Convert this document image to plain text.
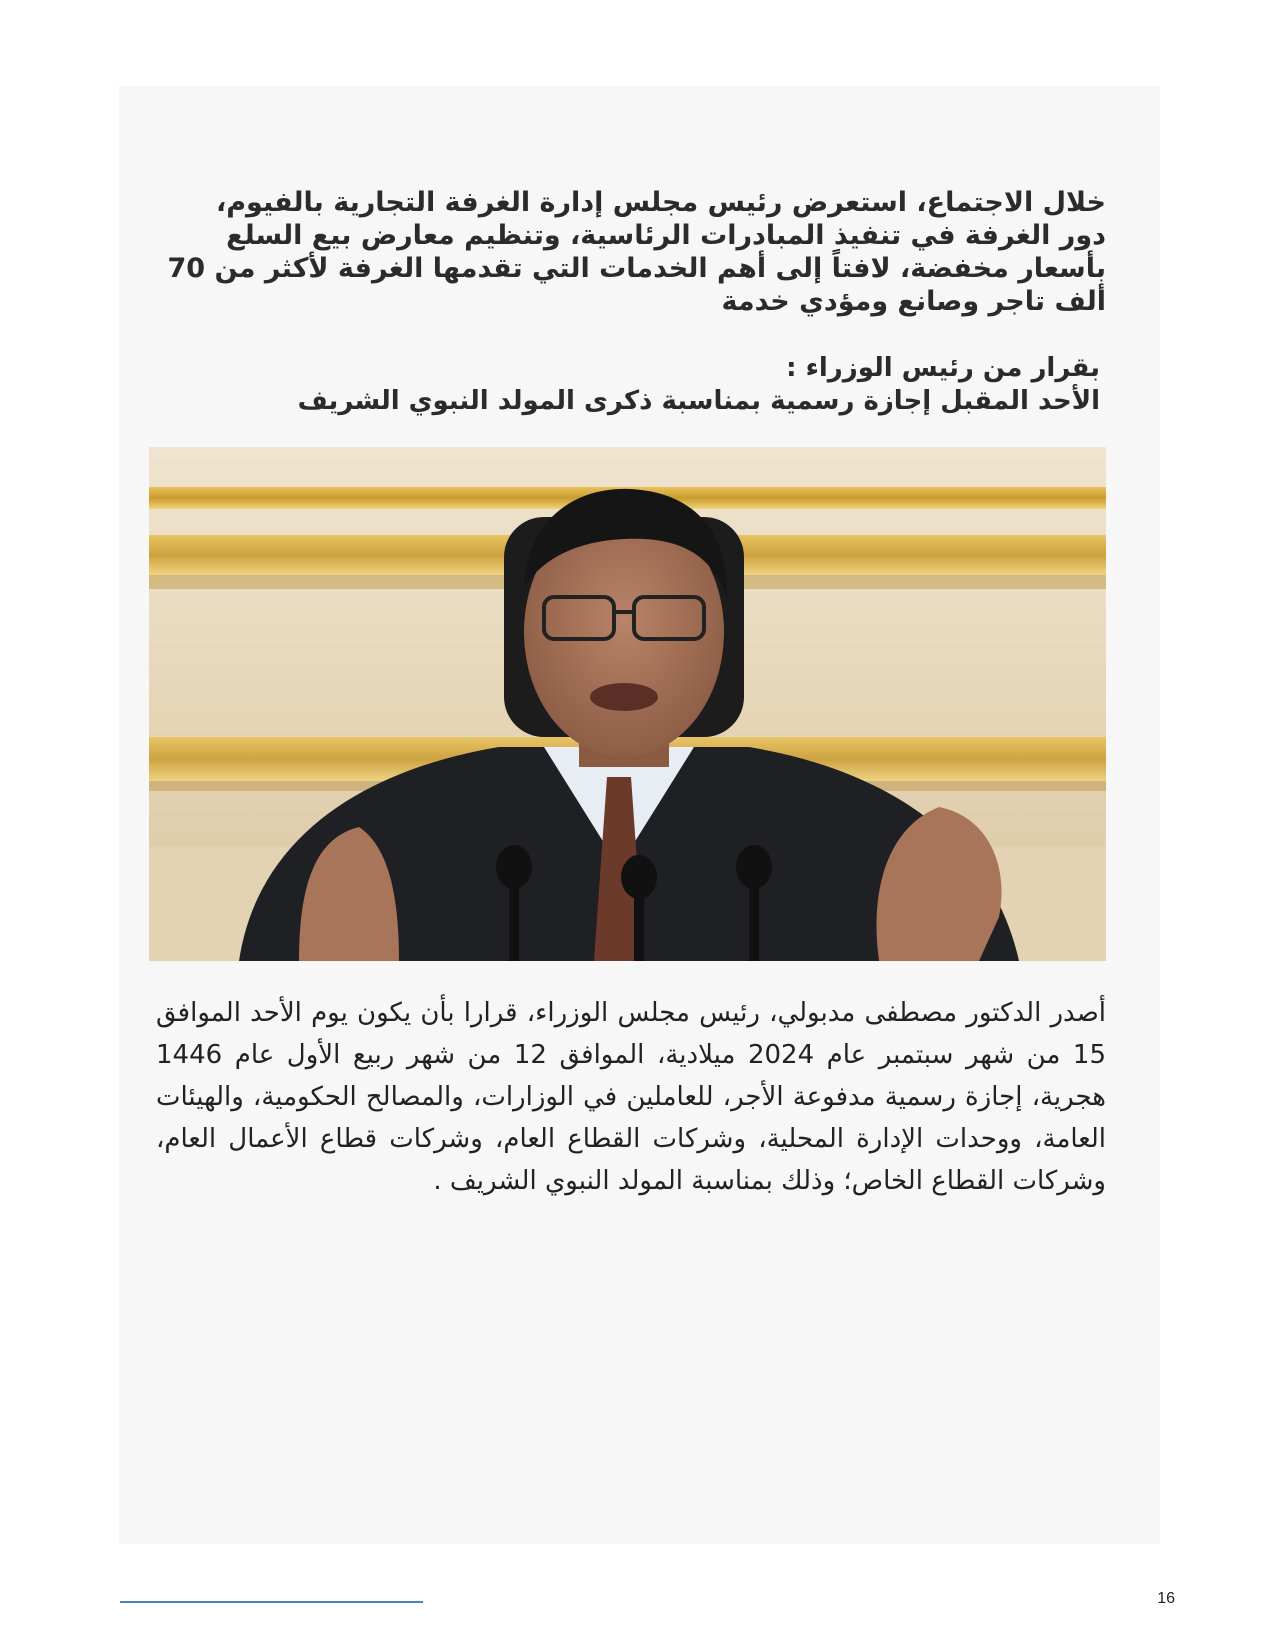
خلال الاجتماع، استعرض رئيس مجلس إدارة الغرفة التجارية بالفيوم، دور الغرفة في تنفيذ المبادرات الرئاسية، وتنظيم معارض بيع السلع بأسعار مخفضة، لافتاً إلى أهم الخدمات التي تقدمها الغرفة لأكثر من 70 ألف تاجر وصانع ومؤدي خدمة

بقرار من رئيس الوزراء :
الأحد المقبل إجازة رسمية بمناسبة ذكرى المولد النبوي الشريف

أصدر الدكتور مصطفى مدبولي، رئيس مجلس الوزراء، قرارا بأن يكون يوم الأحد الموافق 15 من شهر سبتمبر عام 2024 ميلادية، الموافق 12 من شهر ربيع الأول عام 1446 هجرية، إجازة رسمية مدفوعة الأجر، للعاملين في الوزارات، والمصالح الحكومية، والهيئات العامة، ووحدات الإدارة المحلية، وشركات القطاع العام، وشركات قطاع الأعمال العام، وشركات القطاع الخاص؛ وذلك بمناسبة المولد النبوي الشريف .

16
